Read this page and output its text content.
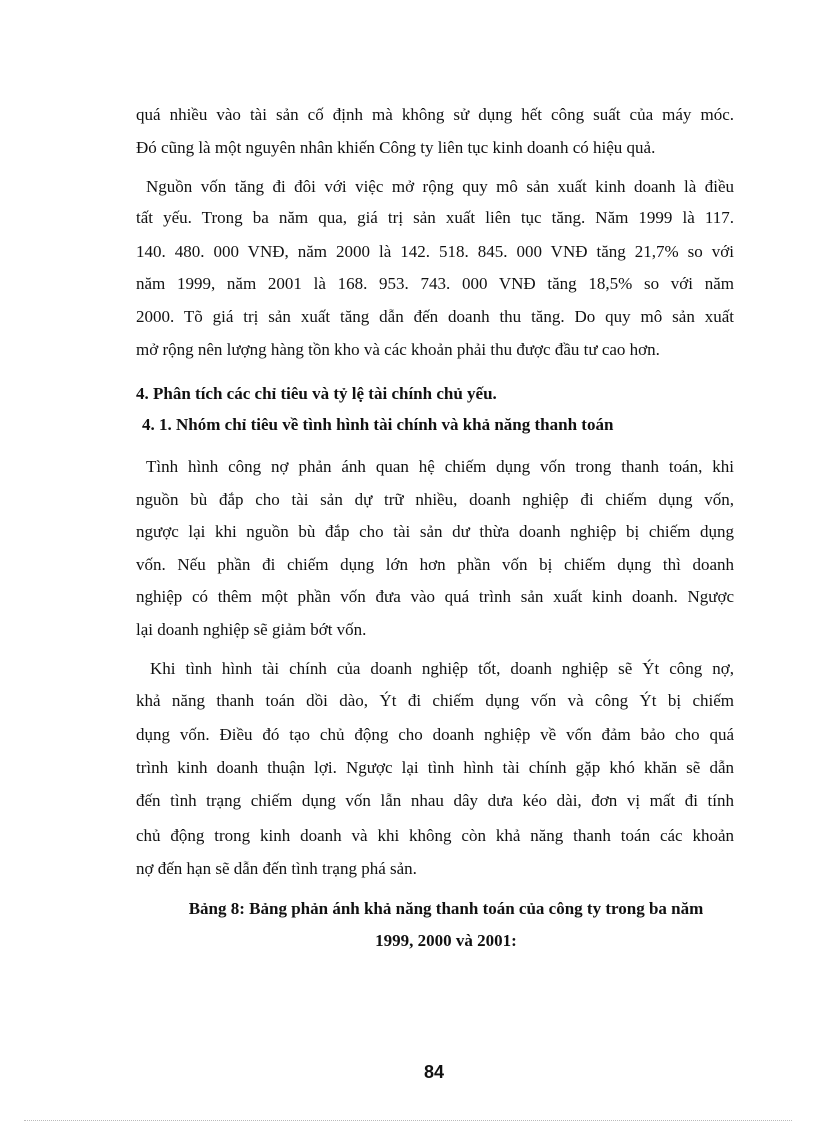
quá nhiều vào tài sản cố định mà không sử dụng hết công suất của máy móc.
Đó cũng là một nguyên nhân khiến Công ty liên tục kinh doanh có hiệu quả.
Nguồn vốn tăng đi đôi với việc mở rộng quy mô sản xuất kinh doanh là điều
tất yếu. Trong ba năm qua, giá trị sản xuất liên tục tăng. Năm 1999 là 117.
140. 480. 000 VNĐ, năm 2000 là 142. 518. 845. 000 VNĐ tăng 21,7% so với
năm 1999, năm 2001 là 168. 953. 743. 000 VNĐ tăng 18,5% so với năm
2000. Tõ giá trị sản xuất tăng dẫn đến doanh thu tăng. Do quy mô sản xuất
mở rộng nên lượng hàng tồn kho và các khoản phải thu được đầu tư cao hơn.
4. Phân tích các chỉ tiêu và tỷ lệ tài chính chủ yếu.
4. 1. Nhóm chỉ tiêu về tình hình tài chính và khả năng thanh toán
Tình hình công nợ phản ánh quan hệ chiếm dụng vốn trong thanh toán, khi
nguồn bù đắp cho tài sản dự trữ nhiều, doanh nghiệp đi chiếm dụng vốn,
ngược lại khi nguồn bù đắp cho tài sản dư thừa doanh nghiệp bị chiếm dụng
vốn. Nếu phần đi chiếm dụng lớn hơn phần vốn bị chiếm dụng thì doanh
nghiệp có thêm một phần vốn đưa vào quá trình sản xuất kinh doanh. Ngược
lại doanh nghiệp sẽ giảm bớt vốn.
Khi tình hình tài chính của doanh nghiệp tốt, doanh nghiệp sẽ Ýt công nợ,
khả năng thanh toán dồi dào, Ýt đi chiếm dụng vốn và công Ýt bị chiếm
dụng vốn. Điều đó tạo chủ động cho doanh nghiệp về vốn đảm bảo cho quá
trình kinh doanh thuận lợi. Ngược lại tình hình tài chính gặp khó khăn sẽ dẫn
đến tình trạng chiếm dụng vốn lẫn nhau dây dưa kéo dài, đơn vị mất đi tính
chủ động trong kinh doanh và khi không còn khả năng thanh toán các khoản
nợ đến hạn sẽ dẫn đến tình trạng phá sản.
Bảng 8: Bảng phản ánh khả năng thanh toán của công ty trong ba năm
1999, 2000 và 2001:
84
